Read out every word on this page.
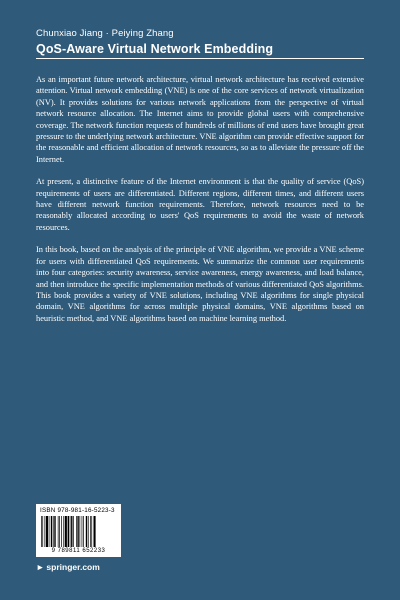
Chunxiao Jiang · Peiying Zhang
QoS-Aware Virtual Network Embedding

As an important future network architecture, virtual network architecture has received extensive attention. Virtual network embedding (VNE) is one of the core services of network virtualization (NV). It provides solutions for various network applications from the perspective of virtual network resource allocation. The Internet aims to provide global users with comprehensive coverage. The network function requests of hundreds of millions of end users have brought great pressure to the underlying network architecture. VNE algorithm can provide effective support for the reasonable and efficient allocation of network resources, so as to alleviate the pressure off the Internet.

At present, a distinctive feature of the Internet environment is that the quality of service (QoS) requirements of users are differentiated. Different regions, different times, and different users have different network function requirements. Therefore, network resources need to be reasonably allocated according to users' QoS requirements to avoid the waste of network resources.

In this book, based on the analysis of the principle of VNE algorithm, we provide a VNE scheme for users with differentiated QoS requirements. We summarize the common user requirements into four categories: security awareness, service awareness, energy awareness, and load balance, and then introduce the specific implementation methods of various differentiated QoS algorithms. This book provides a variety of VNE solutions, including VNE algorithms for single physical domain, VNE algorithms for across multiple physical domains, VNE algorithms based on heuristic method, and VNE algorithms based on machine learning method.

ISBN 978-981-16-5223-3
9 789811 652233
► springer.com
